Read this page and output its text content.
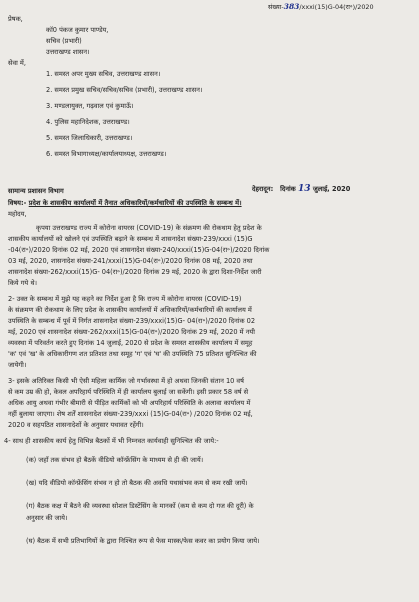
संख्या-383/xxxi(15)G-04(रा॰)/2020
प्रेषक,
कॉ0 पंकज कुमार पाण्डेय,
सचिव (प्रभारी)
उत्तराखण्ड शासन।
सेवा में,
1. समस्त अपर मुख्य सचिव, उत्तराखण्ड शासन।
2. समस्त प्रमुख सचिव/सचिव/सचिव (प्रभारी), उत्तराखण्ड शासन।
3. मण्डलायुक्त, गढ़वाल एवं कुमाऊँ।
4. पुलिस महानिदेशक, उत्तराखण्ड।
5. समस्त जिलाधिकारी, उत्तराखण्ड।
6. समस्त विभागाध्यक्ष/कार्यालयाध्यक्ष, उत्तराखण्ड।
सामान्य प्रशासन विभाग	देहरादून: दिनांक 13 जुलाई, 2020
विषय:- प्रदेश के शासकीय कार्यालयों में तैनात अधिकारियों/कर्मचारियों की उपस्थिति के सम्बन्ध में।
महोदय,
कृपया उत्तराखण्ड राज्य में कोरोना वायरस (COVID-19) के संक्रमण की रोकथाम हेतु प्रदेश के
शासकीय कार्यालयों को खोलने एवं उपस्थिति बढ़ाने के सम्बन्ध में शासनादेश संख्या-239/xxxi (15)G
-04(रा॰)/2020 दिनांक 02 मई, 2020 एवं शासनादेश संख्या-240/xxxi(15)G-04(रा॰)/2020 दिनांक
03 मई, 2020, शासनादेश संख्या-241/xxxi(15)G-04(रा॰)/2020 दिनांक 08 मई, 2020 तथा
शासनादेश संख्या-262/xxxi(15)G- 04(रा॰)/2020 दिनांक 29 मई, 2020 के द्वारा दिशा-निर्देश जारी
किये गये थे।
2- उक्त के सम्बन्ध में मुझे यह कहने का निर्देश हुआ है कि राज्य में कोरोना वायरस (COVID-19)
के संक्रमण की रोकथाम के लिए प्रदेश के शासकीय कार्यालयों में अधिकारियों/कर्मचारियों की कार्यालय में
उपस्थिति के सम्बन्ध में पूर्व में निर्गत शासनादेश संख्या-239/xxxi(15)G- 04(रा॰)/2020 दिनांक 02
मई, 2020 एवं शासनादेश संख्या-262/xxxi(15)G-04(रा॰)/2020 दिनांक 29 मई, 2020 में नयी
व्यवस्था में परिवर्तन करते हुए दिनांक 14 जुलाई, 2020 से प्रदेश के समस्त शासकीय कार्यालय में समूह
'क' एवं 'ख' के अधिकारीगण शत प्रतिशत तथा समूह 'ग' एवं 'घ' की उपस्थिति 75 प्रतिशत सुनिश्चित की
जायेगी।
3- इसके अतिरिक्त किसी भी ऐसी महिला कार्मिक जो गर्भावस्था में हो अथवा जिनकी संतान 10 वर्ष
से कम उम्र की हो, केवल अपरिहार्य परिस्थिति में ही कार्यालय बुलाई जा सकेंगी। इसी प्रकार 58 वर्ष से
अधिक आयु अथवा गंभीर बीमारी से पीड़ित कार्मिकों को भी अपरिहार्य परिस्थिति के अलावा कार्यालय में
नहीं बुलाया जाएगा। शेष शर्तें शासनादेश संख्या-239/xxxi (15)G-04(रा॰) /2020 दिनांक 02 मई,
2020 व सहपठित शासनादेशों के अनुसार यथावत रहेंगी।
4- साथ ही शासकीय कार्य हेतु विभिन्न बैठकों में भी निम्नवत कार्यवाही सुनिश्चित की जाये:-
(क) जहाँ तक संभव हो बैठकें वीडियो कॉन्फ्रेंसिंग के माध्यम से ही की जायें।
(ख) यदि वीडियो कॉन्फ्रेंसिंग संभव न हो तो बैठक की अवधि यथासंभव कम से कम रखी जायें।
(ग) बैठक कक्ष में बैठने की व्यवस्था सोशल डिस्टेंसिंग के मानकों (कम से कम दो गज की दूरी) के
अनुसार की जाये।
(घ) बैठक में सभी प्रतिभागियों के द्वारा निश्चित रूप से फेस मास्क/फेस कवर का प्रयोग किया जाये।
